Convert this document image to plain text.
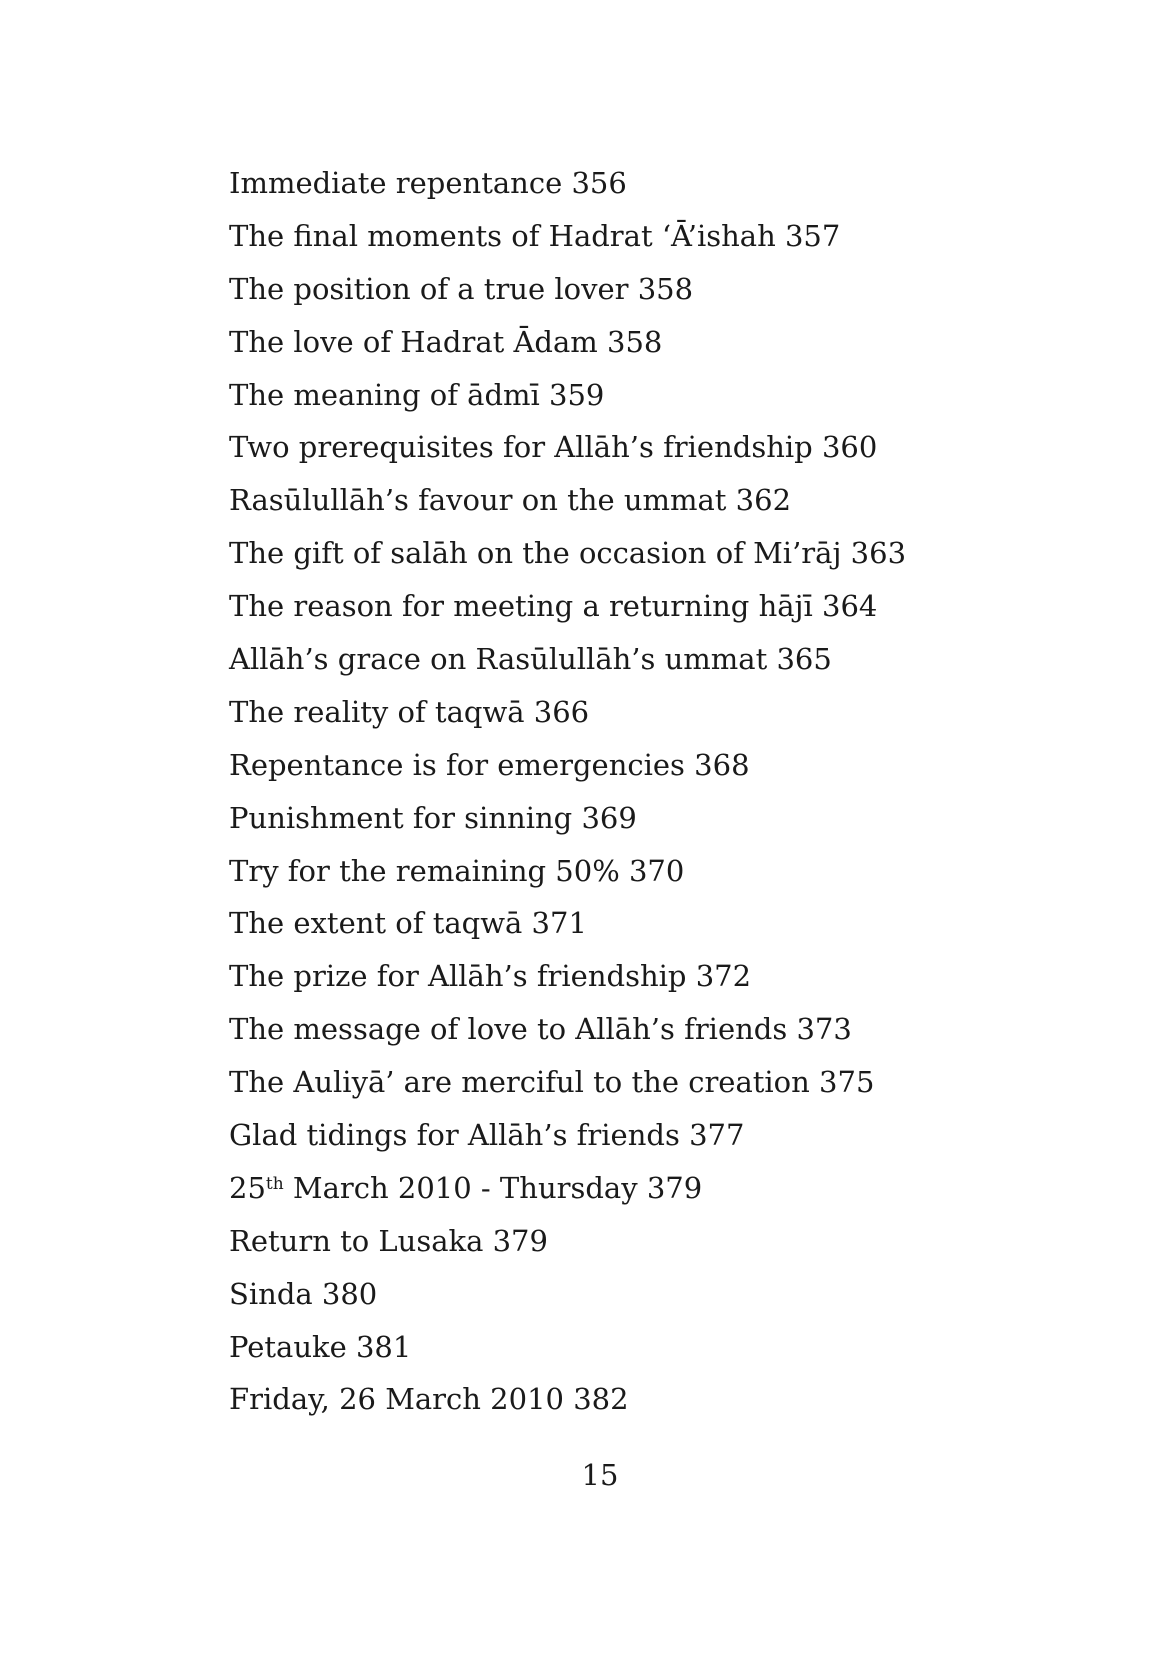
Immediate repentance 356
The final moments of Hadrat ‘Ā’ishah 357
The position of a true lover 358
The love of Hadrat Ādam 358
The meaning of ādmī 359
Two prerequisites for Allāh’s friendship 360
Rasūlullāh’s favour on the ummat 362
The gift of salāh on the occasion of Mi’rāj 363
The reason for meeting a returning hājī 364
Allāh’s grace on Rasūlullāh’s ummat 365
The reality of taqwā 366
Repentance is for emergencies 368
Punishment for sinning 369
Try for the remaining 50% 370
The extent of taqwā 371
The prize for Allāh’s friendship 372
The message of love to Allāh’s friends 373
The Auliyā’ are merciful to the creation 375
Glad tidings for Allāh’s friends 377
25th March 2010 - Thursday 379
Return to Lusaka 379
Sinda 380
Petauke 381
Friday, 26 March 2010 382
15
